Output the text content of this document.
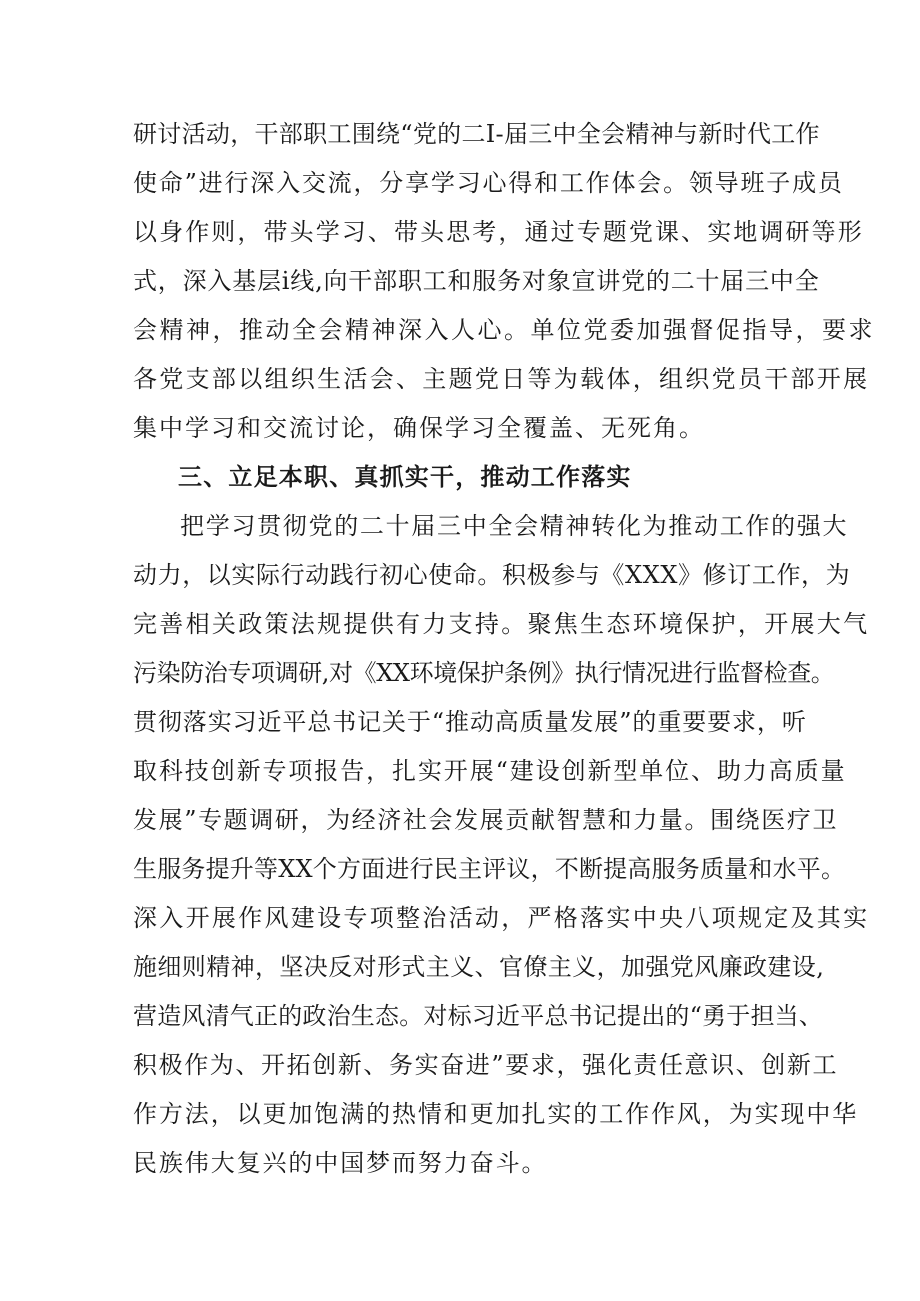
研讨活动，干部职工围绕“党的二I-届三中全会精神与新时代工作
使命”进行深入交流，分享学习心得和工作体会。领导班子成员
以身作则，带头学习、带头思考，通过专题党课、实地调研等形
式，深入基层i线,向干部职工和服务对象宣讲党的二十届三中全
会精神，推动全会精神深入人心。单位党委加强督促指导，要求
各党支部以组织生活会、主题党日等为载体，组织党员干部开展
集中学习和交流讨论，确保学习全覆盖、无死角。
三、立足本职、真抓实干，推动工作落实
把学习贯彻党的二十届三中全会精神转化为推动工作的强大
动力，以实际行动践行初心使命。积极参与《XXX》修订工作，为
完善相关政策法规提供有力支持。聚焦生态环境保护，开展大气
污染防治专项调研,对《XX环境保护条例》执行情况进行监督检查。
贯彻落实习近平总书记关于“推动高质量发展”的重要要求，听
取科技创新专项报告，扎实开展“建设创新型单位、助力高质量
发展”专题调研，为经济社会发展贡献智慧和力量。围绕医疗卫
生服务提升等XX个方面进行民主评议，不断提高服务质量和水平。
深入开展作风建设专项整治活动，严格落实中央八项规定及其实
施细则精神，坚决反对形式主义、官僚主义，加强党风廉政建设,
营造风清气正的政治生态。对标习近平总书记提出的“勇于担当、
积极作为、开拓创新、务实奋进”要求，强化责任意识、创新工
作方法，以更加饱满的热情和更加扎实的工作作风，为实现中华
民族伟大复兴的中国梦而努力奋斗。
